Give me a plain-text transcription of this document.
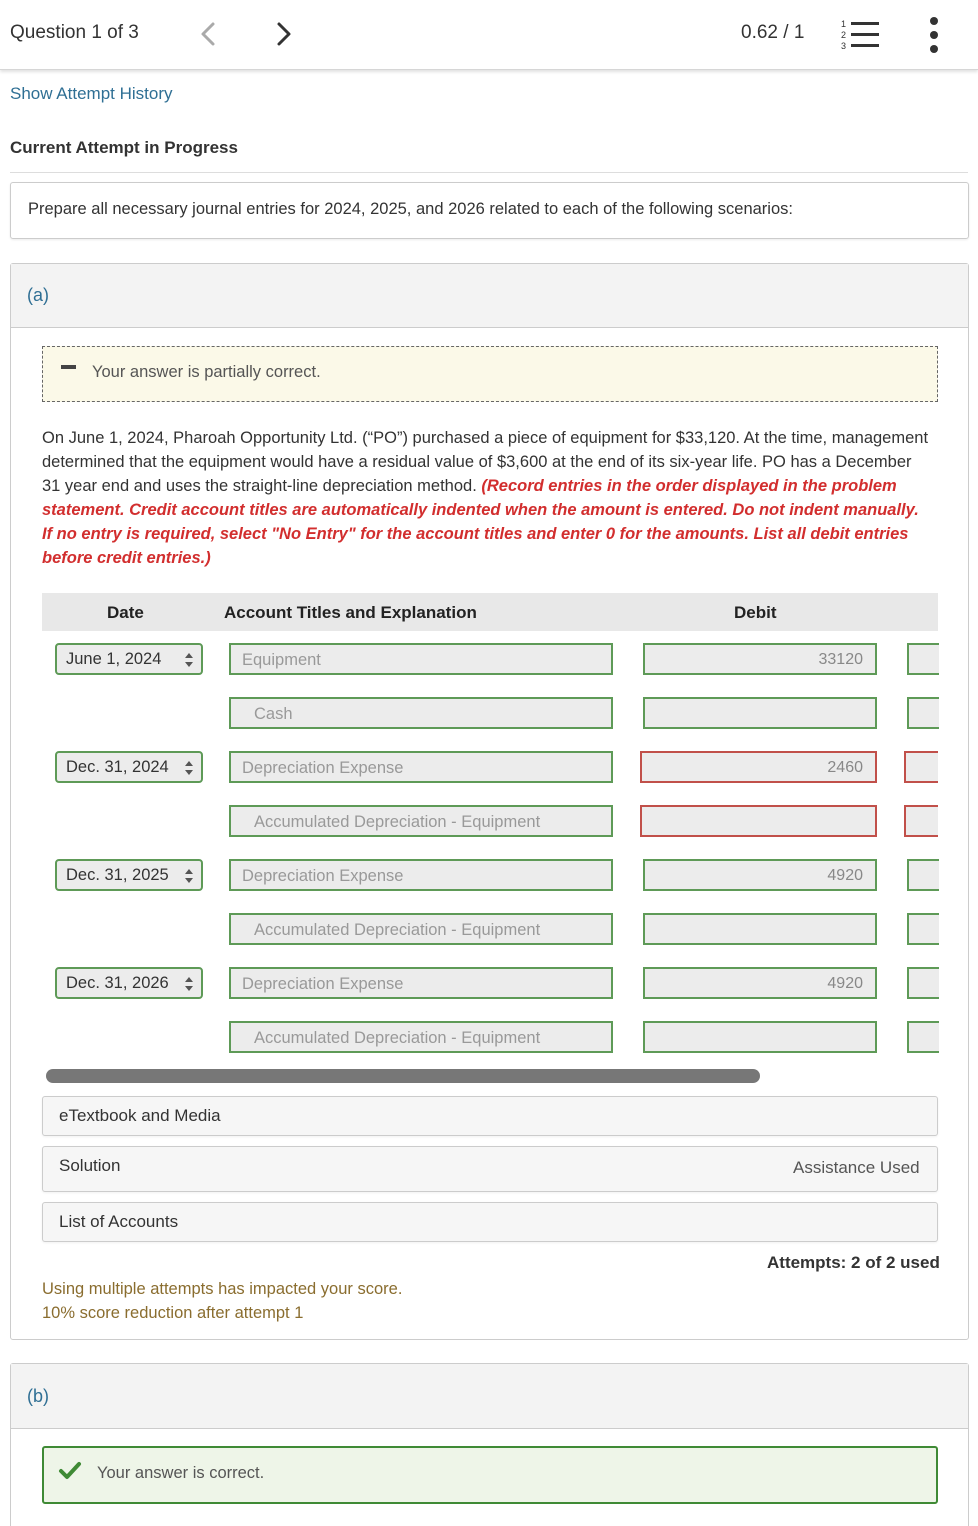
Question 1 of 3	0.62 / 1	1
2
3
Show Attempt History
Current Attempt in Progress
Prepare all necessary journal entries for 2024, 2025, and 2026 related to each of the following scenarios:
(a)
Your answer is partially correct.
On June 1, 2024, Pharoah Opportunity Ltd. (“PO”) purchased a piece of equipment for $33,120. At the time, management determined that the equipment would have a residual value of $3,600 at the end of its six-year life. PO has a December 31 year end and uses the straight-line depreciation method. (Record entries in the order displayed in the problem statement. Credit account titles are automatically indented when the amount is entered. Do not indent manually. If no entry is required, select "No Entry" for the account titles and enter 0 for the amounts. List all debit entries before credit entries.)
Date	Account Titles and Explanation	Debit
June 1, 2024	Equipment	33120
Cash
Dec. 31, 2024	Depreciation Expense	2460
Accumulated Depreciation - Equipment
Dec. 31, 2025	Depreciation Expense	4920
Accumulated Depreciation - Equipment
Dec. 31, 2026	Depreciation Expense	4920
Accumulated Depreciation - Equipment
eTextbook and Media
Solution	Assistance Used
List of Accounts
Attempts: 2 of 2 used
Using multiple attempts has impacted your score.
10% score reduction after attempt 1
(b)
Your answer is correct.
